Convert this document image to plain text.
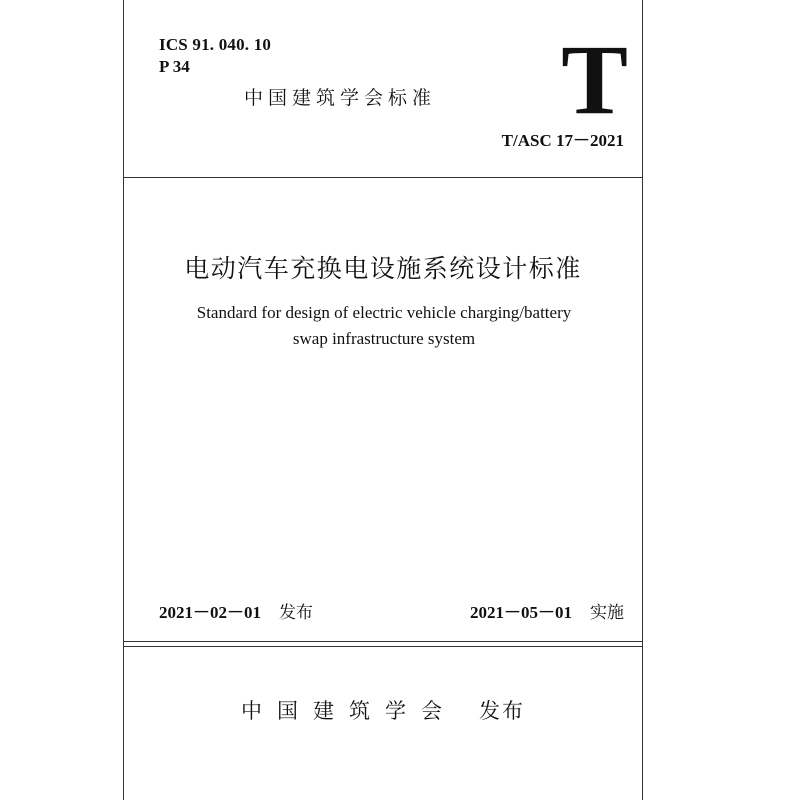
ICS 91. 040. 10
P 34
中国建筑学会标准 T
T/ASC 17－2021
电动汽车充换电设施系统设计标准
Standard for design of electric vehicle charging/battery
swap infrastructure system
2021－02－01 发布	2021－05－01 实施
中国建筑学会 发布
